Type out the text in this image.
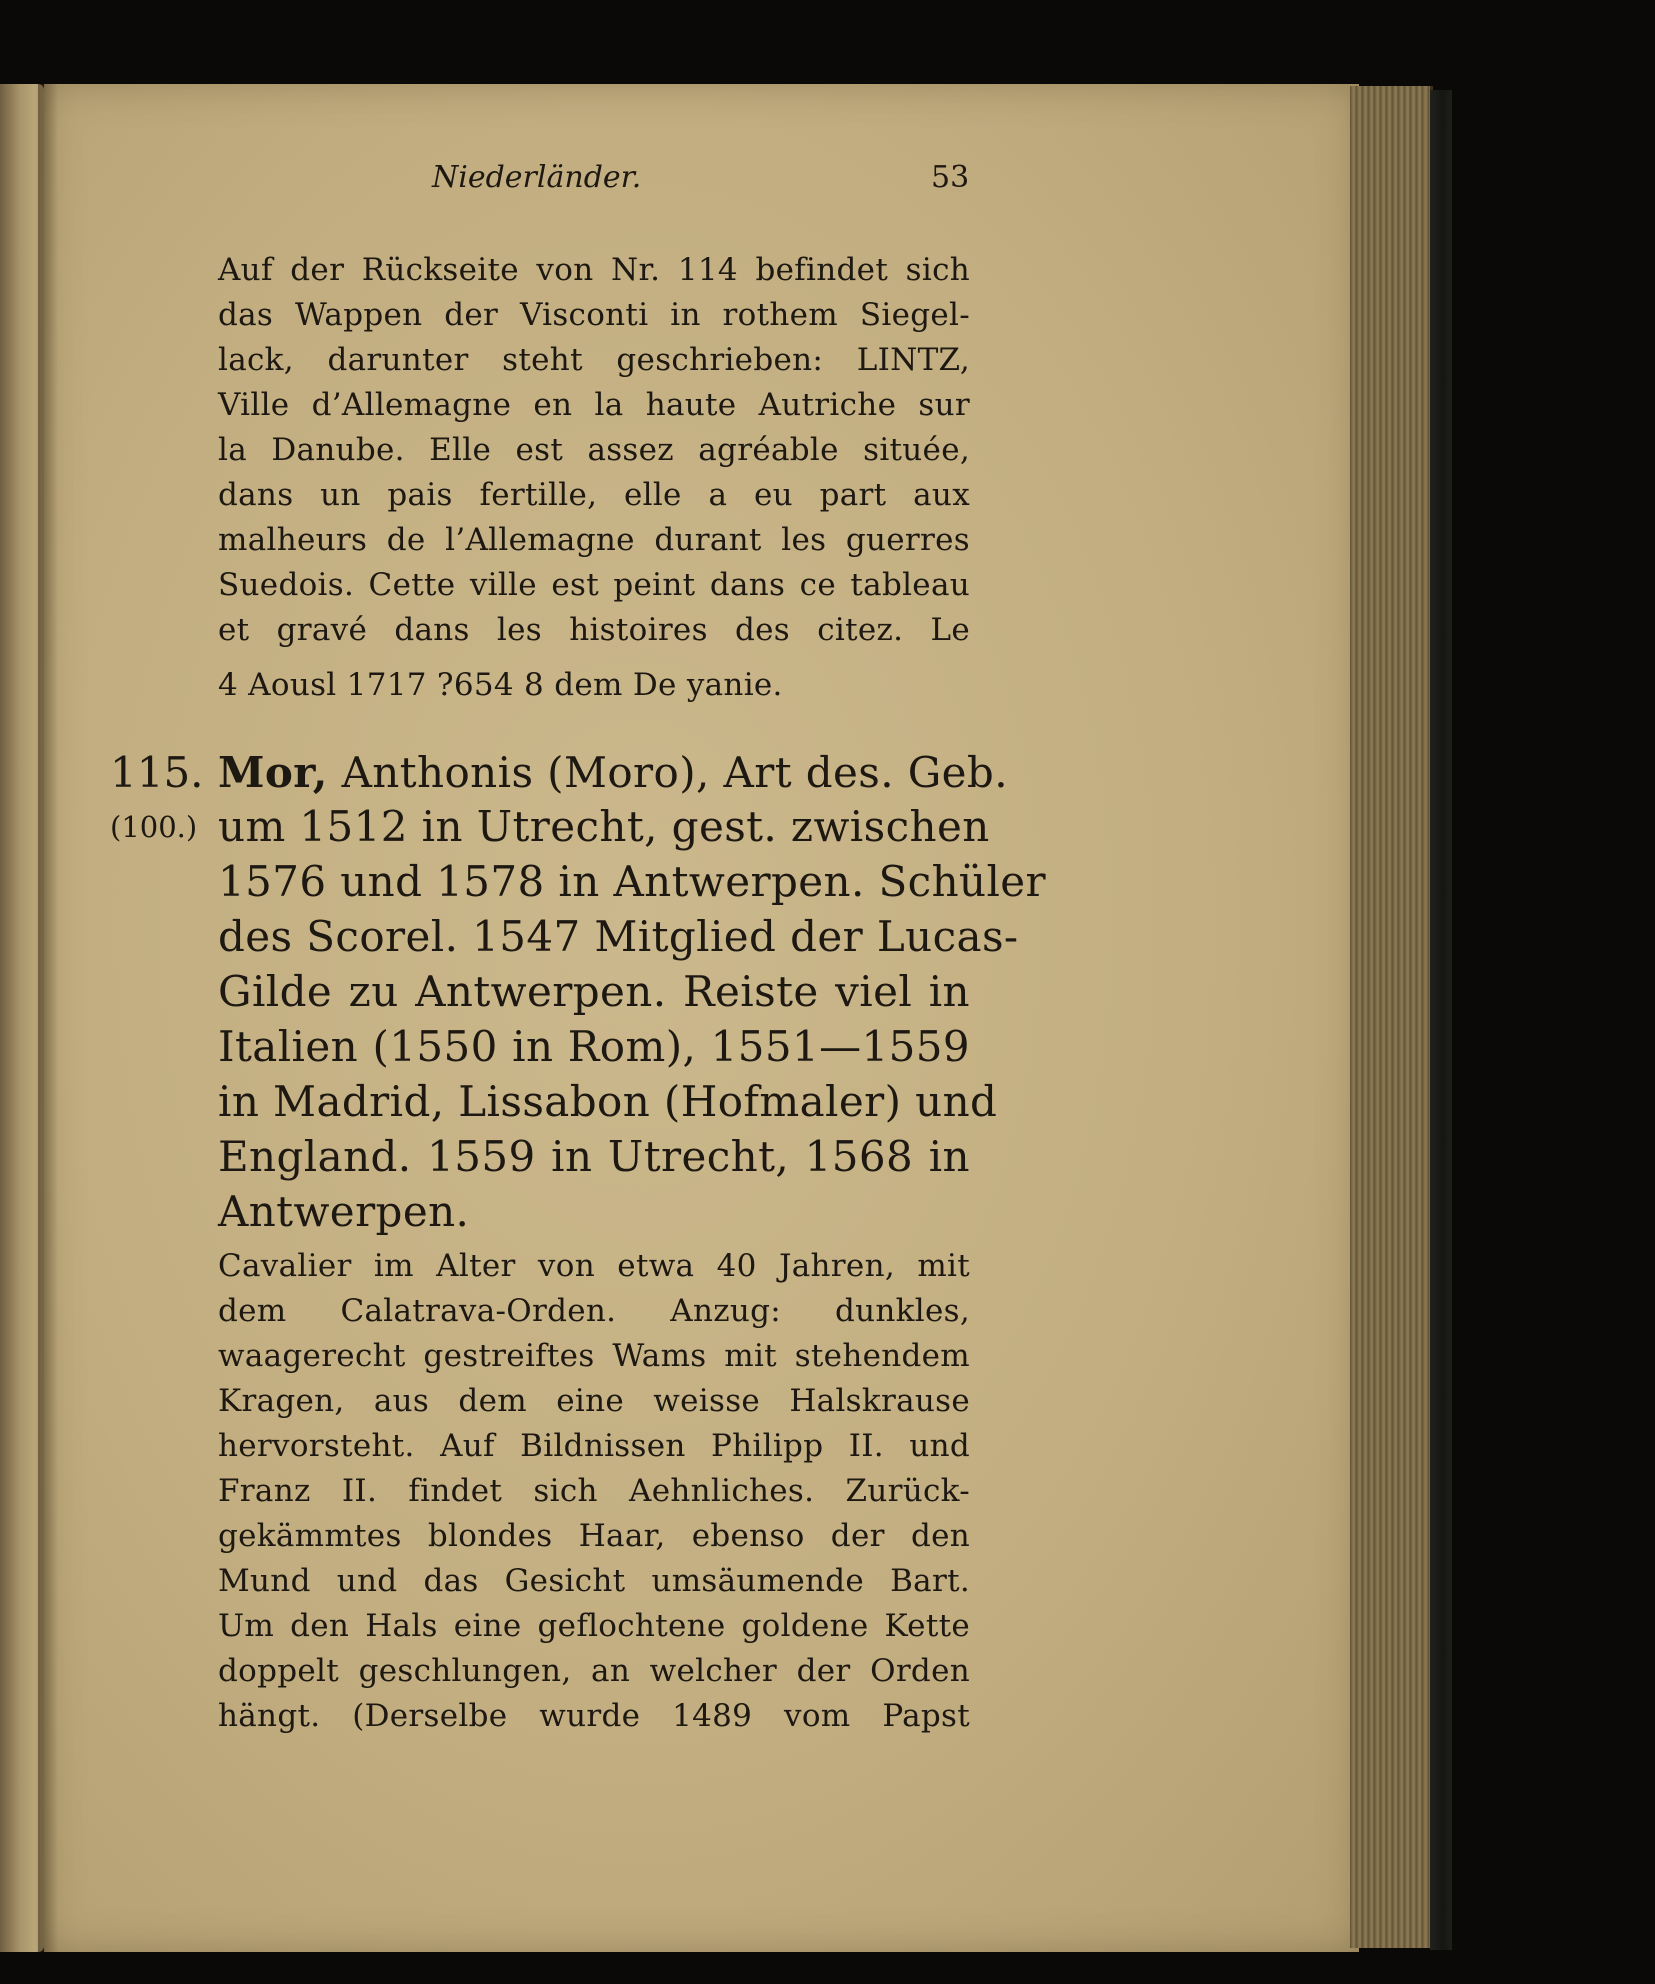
Niederländer.	53
Auf der Rückseite von Nr. 114 befindet sich
das Wappen der Visconti in rothem Siegel-
lack, darunter steht geschrieben: LINTZ,
Ville d’Allemagne en la haute Autriche sur
la Danube. Elle est assez agréable située,
dans un pais fertille, elle a eu part aux
malheurs de l’Allemagne durant les guerres
Suedois. Cette ville est peint dans ce tableau
et gravé dans les histoires des citez. Le
4 Aousl 1717 ?654 8 dem De yanie.
115.
(100.)
Mor, Anthonis (Moro), Art des. Geb.
um 1512 in Utrecht, gest. zwischen
1576 und 1578 in Antwerpen. Schüler
des Scorel. 1547 Mitglied der Lucas-
Gilde zu Antwerpen. Reiste viel in
Italien (1550 in Rom), 1551—1559
in Madrid, Lissabon (Hofmaler) und
England. 1559 in Utrecht, 1568 in
Antwerpen.
Cavalier im Alter von etwa 40 Jahren, mit
dem Calatrava-Orden. Anzug: dunkles,
waagerecht gestreiftes Wams mit stehendem
Kragen, aus dem eine weisse Halskrause
hervorsteht. Auf Bildnissen Philipp II. und
Franz II. findet sich Aehnliches. Zurück-
gekämmtes blondes Haar, ebenso der den
Mund und das Gesicht umsäumende Bart.
Um den Hals eine geflochtene goldene Kette
doppelt geschlungen, an welcher der Orden
hängt. (Derselbe wurde 1489 vom Papst
